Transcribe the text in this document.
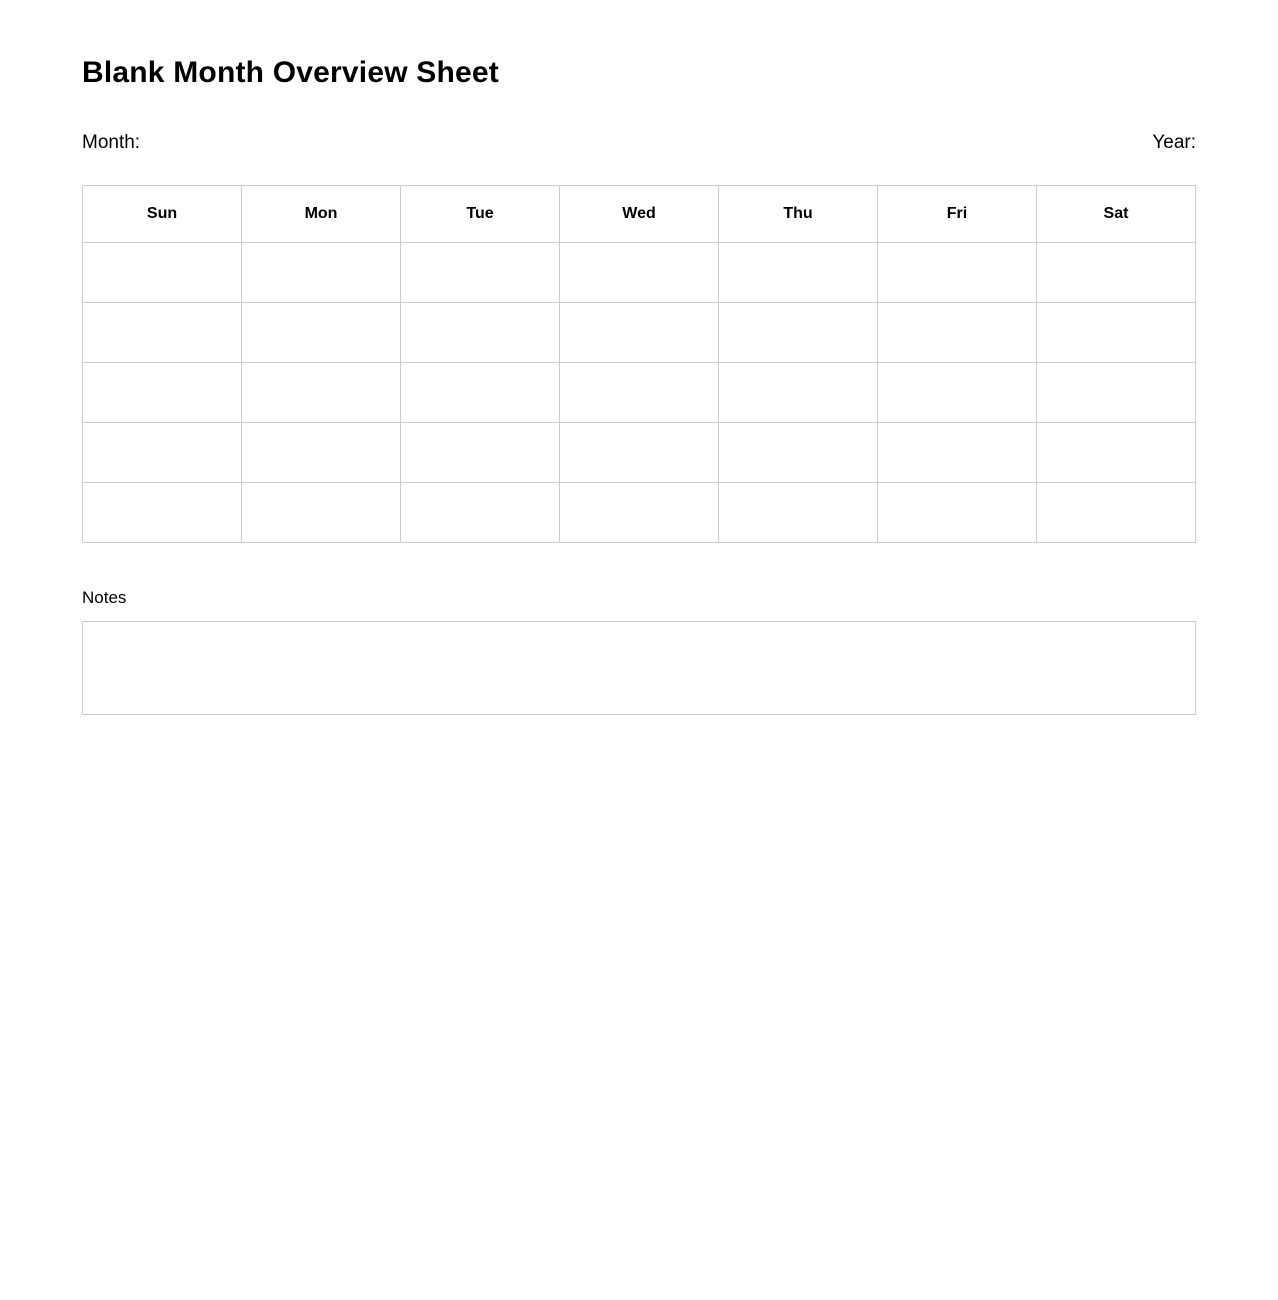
Blank Month Overview Sheet
Month:	Year:
Sun	Mon	Tue	Wed	Thu	Fri	Sat

Notes
